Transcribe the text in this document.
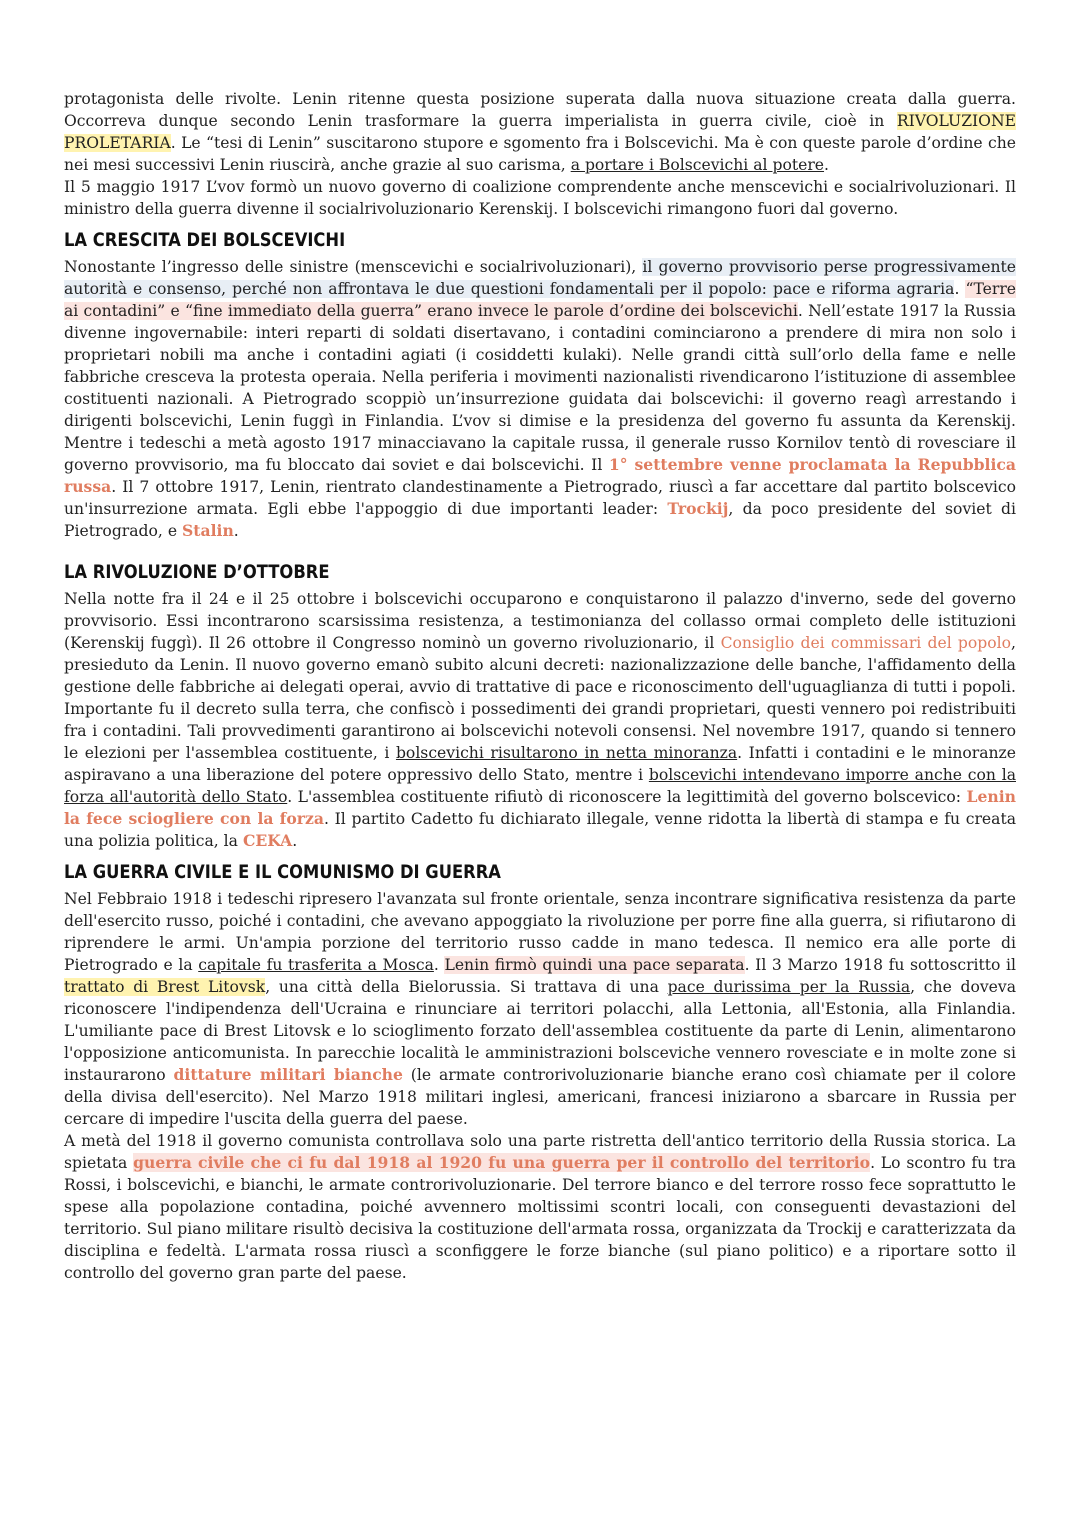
protagonista delle rivolte. Lenin ritenne questa posizione superata dalla nuova situazione creata dalla guerra. Occorreva dunque secondo Lenin trasformare la guerra imperialista in guerra civile, cioè in RIVOLUZIONE PROLETARIA. Le “tesi di Lenin” suscitarono stupore e sgomento fra i Bolscevichi. Ma è con queste parole d’ordine che nei mesi successivi Lenin riuscirà, anche grazie al suo carisma, a portare i Bolscevichi al potere.

Il 5 maggio 1917 L’vov formò un nuovo governo di coalizione comprendente anche menscevichi e socialrivoluzionari. Il ministro della guerra divenne il socialrivoluzionario Kerenskij. I bolscevichi rimangono fuori dal governo.

LA CRESCITA DEI BOLSCEVICHI

Nonostante l’ingresso delle sinistre (menscevichi e socialrivoluzionari), il governo provvisorio perse progressivamente autorità e consenso, perché non affrontava le due questioni fondamentali per il popolo: pace e riforma agraria. “Terre ai contadini” e “fine immediato della guerra” erano invece le parole d’ordine dei bolscevichi. Nell’estate 1917 la Russia divenne ingovernabile: interi reparti di soldati disertavano, i contadini cominciarono a prendere di mira non solo i proprietari nobili ma anche i contadini agiati (i cosiddetti kulaki). Nelle grandi città sull’orlo della fame e nelle fabbriche cresceva la protesta operaia. Nella periferia i movimenti nazionalisti rivendicarono l’istituzione di assemblee costituenti nazionali. A Pietrogrado scoppiò un’insurrezione guidata dai bolscevichi: il governo reagì arrestando i dirigenti bolscevichi, Lenin fuggì in Finlandia. L’vov si dimise e la presidenza del governo fu assunta da Kerenskij. Mentre i tedeschi a metà agosto 1917 minacciavano la capitale russa, il generale russo Kornilov tentò di rovesciare il governo provvisorio, ma fu bloccato dai soviet e dai bolscevichi. Il 1° settembre venne proclamata la Repubblica russa. Il 7 ottobre 1917, Lenin, rientrato clandestinamente a Pietrogrado, riuscì a far accettare dal partito bolscevico un'insurrezione armata. Egli ebbe l'appoggio di due importanti leader: Trockij, da poco presidente del soviet di Pietrogrado, e Stalin.

LA RIVOLUZIONE D’OTTOBRE

Nella notte fra il 24 e il 25 ottobre i bolscevichi occuparono e conquistarono il palazzo d'inverno, sede del governo provvisorio. Essi incontrarono scarsissima resistenza, a testimonianza del collasso ormai completo delle istituzioni (Kerenskij fuggì). Il 26 ottobre il Congresso nominò un governo rivoluzionario, il Consiglio dei commissari del popolo, presieduto da Lenin. Il nuovo governo emanò subito alcuni decreti: nazionalizzazione delle banche, l'affidamento della gestione delle fabbriche ai delegati operai, avvio di trattative di pace e riconoscimento dell'uguaglianza di tutti i popoli. Importante fu il decreto sulla terra, che confiscò i possedimenti dei grandi proprietari, questi vennero poi redistribuiti fra i contadini. Tali provvedimenti garantirono ai bolscevichi notevoli consensi. Nel novembre 1917, quando si tennero le elezioni per l'assemblea costituente, i bolscevichi risultarono in netta minoranza. Infatti i contadini e le minoranze aspiravano a una liberazione del potere oppressivo dello Stato, mentre i bolscevichi intendevano imporre anche con la forza all'autorità dello Stato. L'assemblea costituente rifiutò di riconoscere la legittimità del governo bolscevico: Lenin la fece sciogliere con la forza. Il partito Cadetto fu dichiarato illegale, venne ridotta la libertà di stampa e fu creata una polizia politica, la CEKA.

LA GUERRA CIVILE E IL COMUNISMO DI GUERRA

Nel Febbraio 1918 i tedeschi ripresero l'avanzata sul fronte orientale, senza incontrare significativa resistenza da parte dell'esercito russo, poiché i contadini, che avevano appoggiato la rivoluzione per porre fine alla guerra, si rifiutarono di riprendere le armi. Un'ampia porzione del territorio russo cadde in mano tedesca. Il nemico era alle porte di Pietrogrado e la capitale fu trasferita a Mosca. Lenin firmò quindi una pace separata. Il 3 Marzo 1918 fu sottoscritto il trattato di Brest Litovsk, una città della Bielorussia. Si trattava di una pace durissima per la Russia, che doveva riconoscere l'indipendenza dell'Ucraina e rinunciare ai territori polacchi, alla Lettonia, all'Estonia, alla Finlandia. L'umiliante pace di Brest Litovsk e lo scioglimento forzato dell'assemblea costituente da parte di Lenin, alimentarono l'opposizione anticomunista. In parecchie località le amministrazioni bolsceviche vennero rovesciate e in molte zone si instaurarono dittature militari bianche (le armate controrivoluzionarie bianche erano così chiamate per il colore della divisa dell'esercito). Nel Marzo 1918 militari inglesi, americani, francesi iniziarono a sbarcare in Russia per cercare di impedire l'uscita della guerra del paese.

A metà del 1918 il governo comunista controllava solo una parte ristretta dell'antico territorio della Russia storica. La spietata guerra civile che ci fu dal 1918 al 1920 fu una guerra per il controllo del territorio. Lo scontro fu tra Rossi, i bolscevichi, e bianchi, le armate controrivoluzionarie. Del terrore bianco e del terrore rosso fece soprattutto le spese alla popolazione contadina, poiché avvennero moltissimi scontri locali, con conseguenti devastazioni del territorio. Sul piano militare risultò decisiva la costituzione dell'armata rossa, organizzata da Trockij e caratterizzata da disciplina e fedeltà. L'armata rossa riuscì a sconfiggere le forze bianche (sul piano politico) e a riportare sotto il controllo del governo gran parte del paese.
